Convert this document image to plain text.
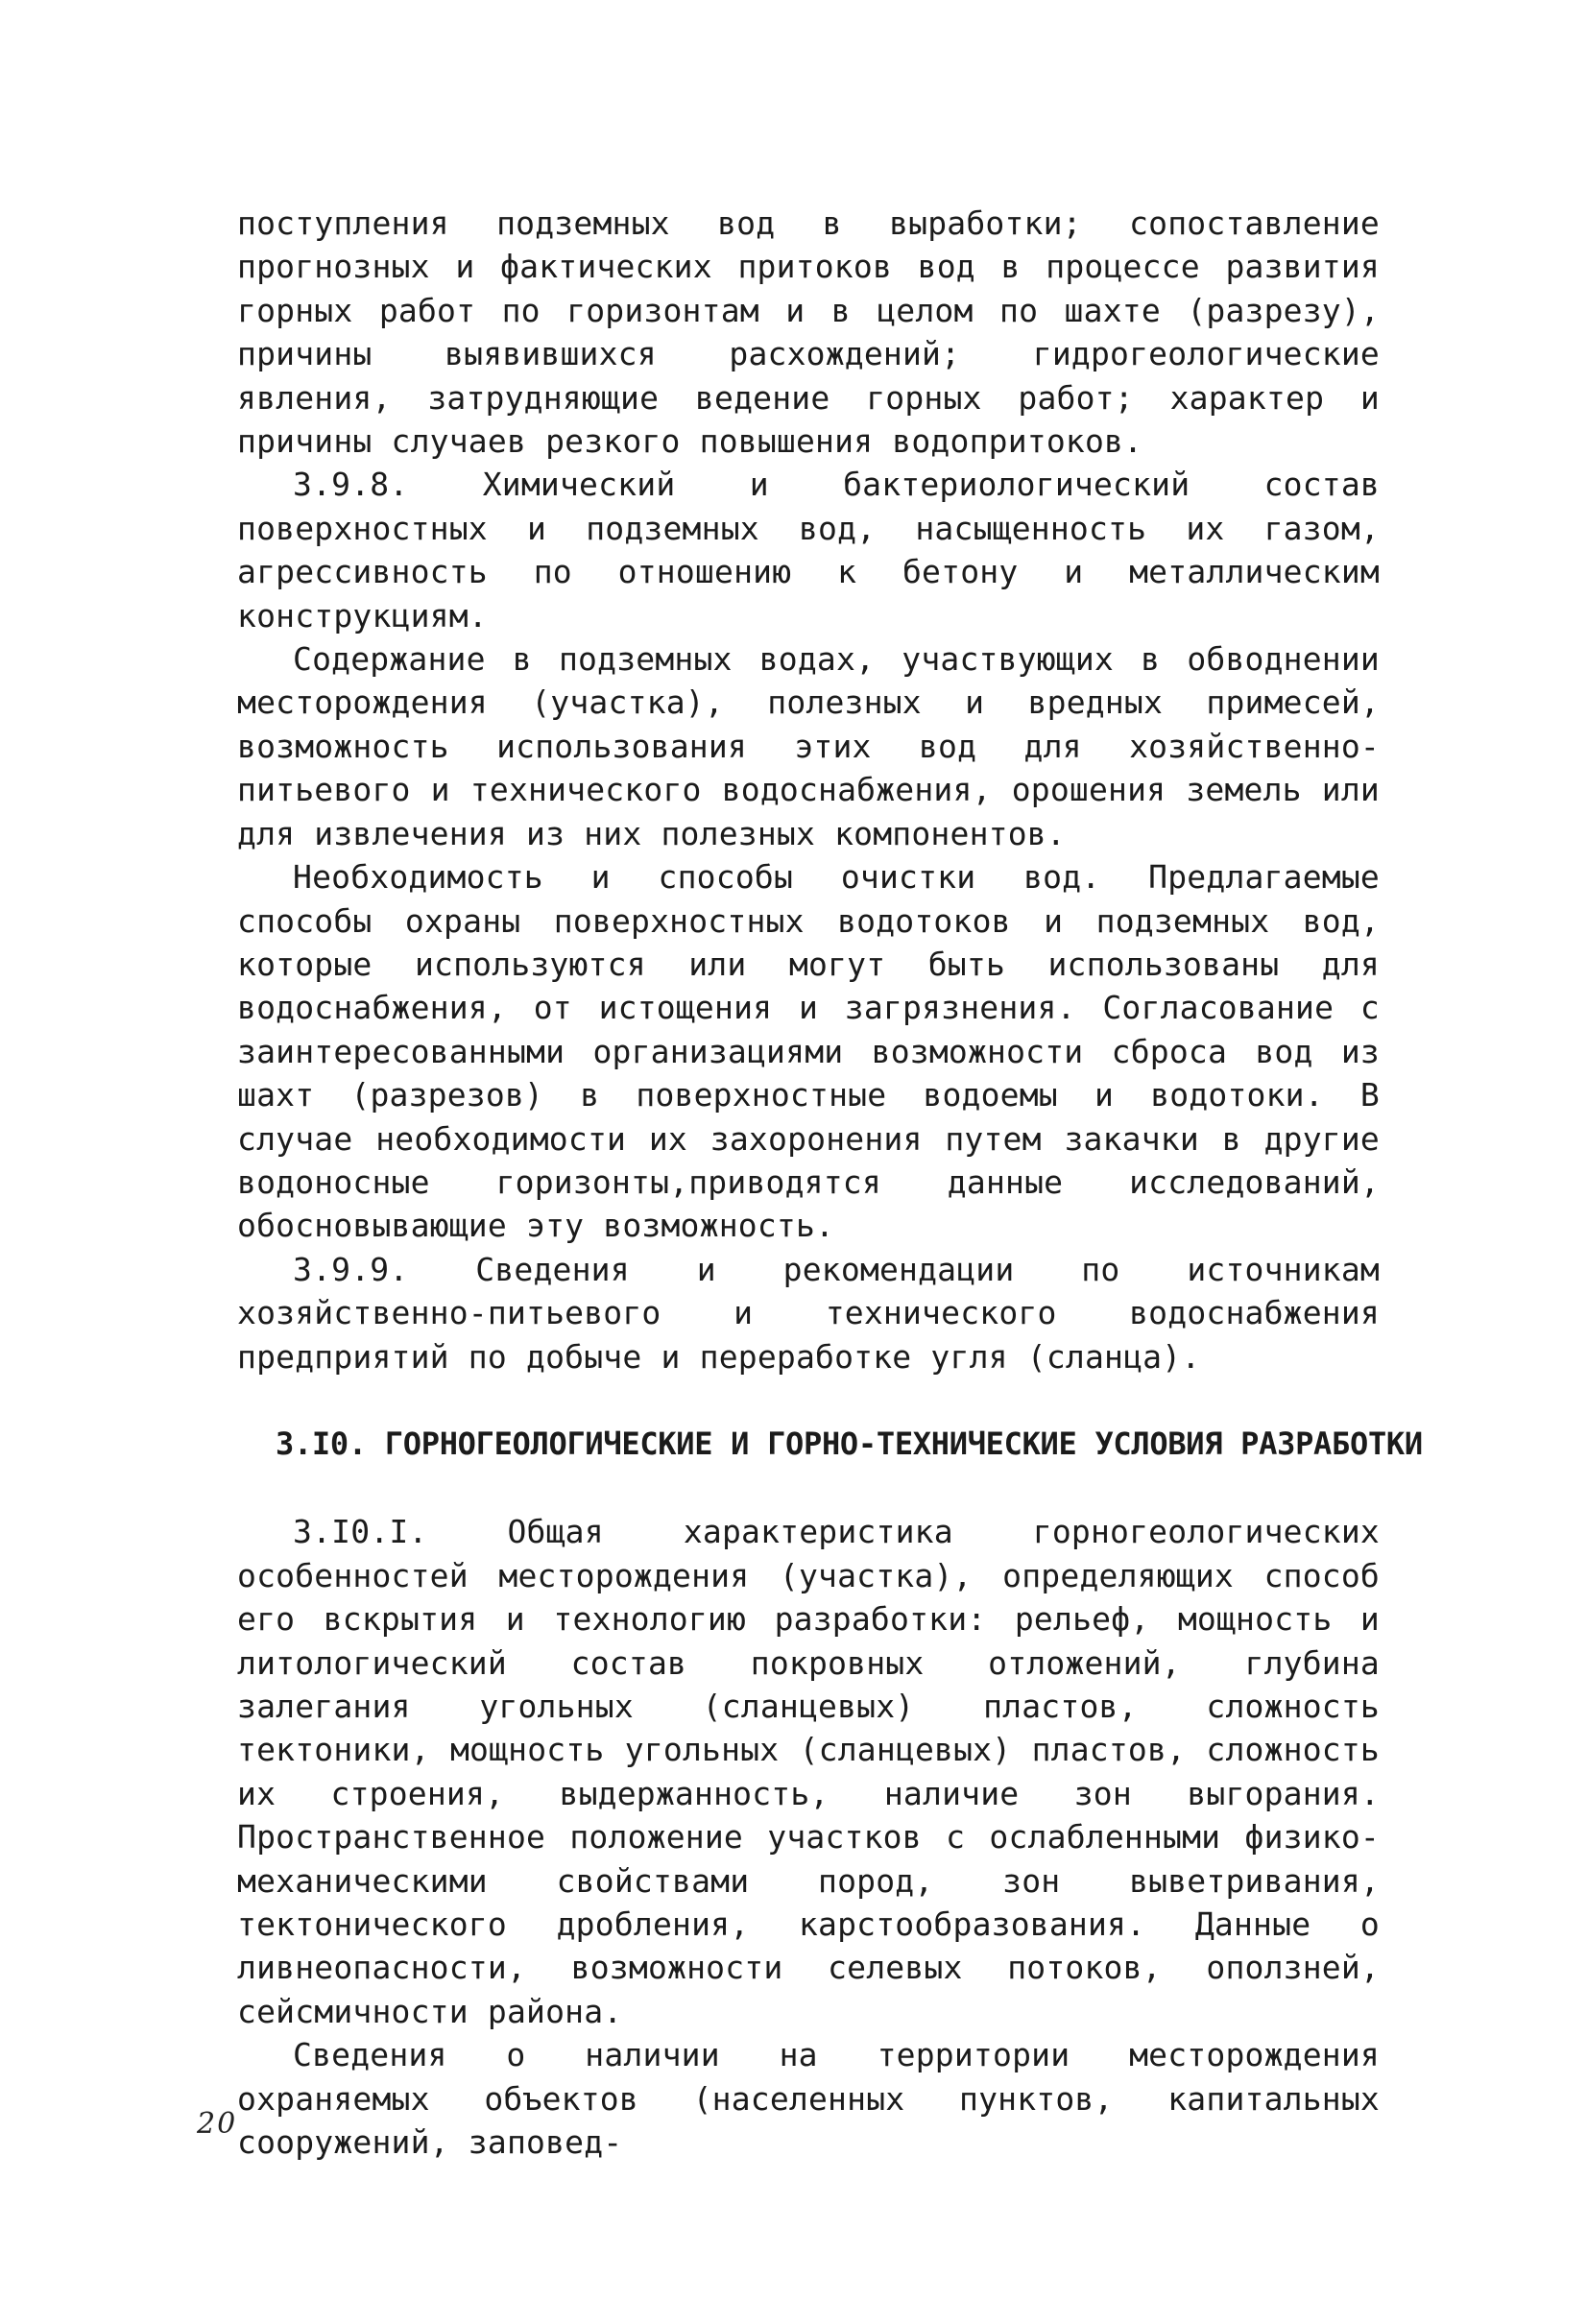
поступления подземных вод в выработки; сопоставление прогнозных и фактических притоков вод в процессе развития горных работ по горизонтам и в целом по шахте (разрезу), причины выявившихся расхождений; гидрогеологические явления, затрудняющие ведение горных работ; характер и причины случаев резкого повышения водопритоков.

3.9.8. Химический и бактериологический состав поверхностных и подземных вод, насыщенность их газом, агрессивность по отношению к бетону и металлическим конструкциям.

Содержание в подземных водах, участвующих в обводнении месторождения (участка), полезных и вредных примесей, возможность использования этих вод для хозяйственно-питьевого и технического водоснабжения, орошения земель или для извлечения из них полезных компонентов.

Необходимость и способы очистки вод. Предлагаемые способы охраны поверхностных водотоков и подземных вод, которые используются или могут быть использованы для водоснабжения, от истощения и загрязнения. Согласование с заинтересованными организациями возможности сброса вод из шахт (разрезов) в поверхностные водоемы и водотоки. В случае необходимости их захоронения путем закачки в другие водоносные горизонты,приводятся данные исследований, обосновывающие эту возможность.

3.9.9. Сведения и рекомендации по источникам хозяйственно-питьевого и технического водоснабжения предприятий по добыче и переработке угля (сланца).

3.I0. ГОРНОГЕОЛОГИЧЕСКИЕ И ГОРНО-ТЕХНИЧЕСКИЕ УСЛОВИЯ РАЗРАБОТКИ

3.I0.I. Общая характеристика горногеологических особенностей месторождения (участка), определяющих способ его вскрытия и технологию разработки: рельеф, мощность и литологический состав покровных отложений, глубина залегания угольных (сланцевых) пластов, сложность тектоники, мощность угольных (сланцевых) пластов, сложность их строения, выдержанность, наличие зон выгорания. Пространственное положение участков с ослабленными физико-механическими свойствами пород, зон выветривания, тектонического дробления, карстообразования. Данные о ливнеопасности, возможности селевых потоков, оползней, сейсмичности района.

Сведения о наличии на территории месторождения охраняемых объектов (населенных пунктов, капитальных сооружений, заповед-

20
